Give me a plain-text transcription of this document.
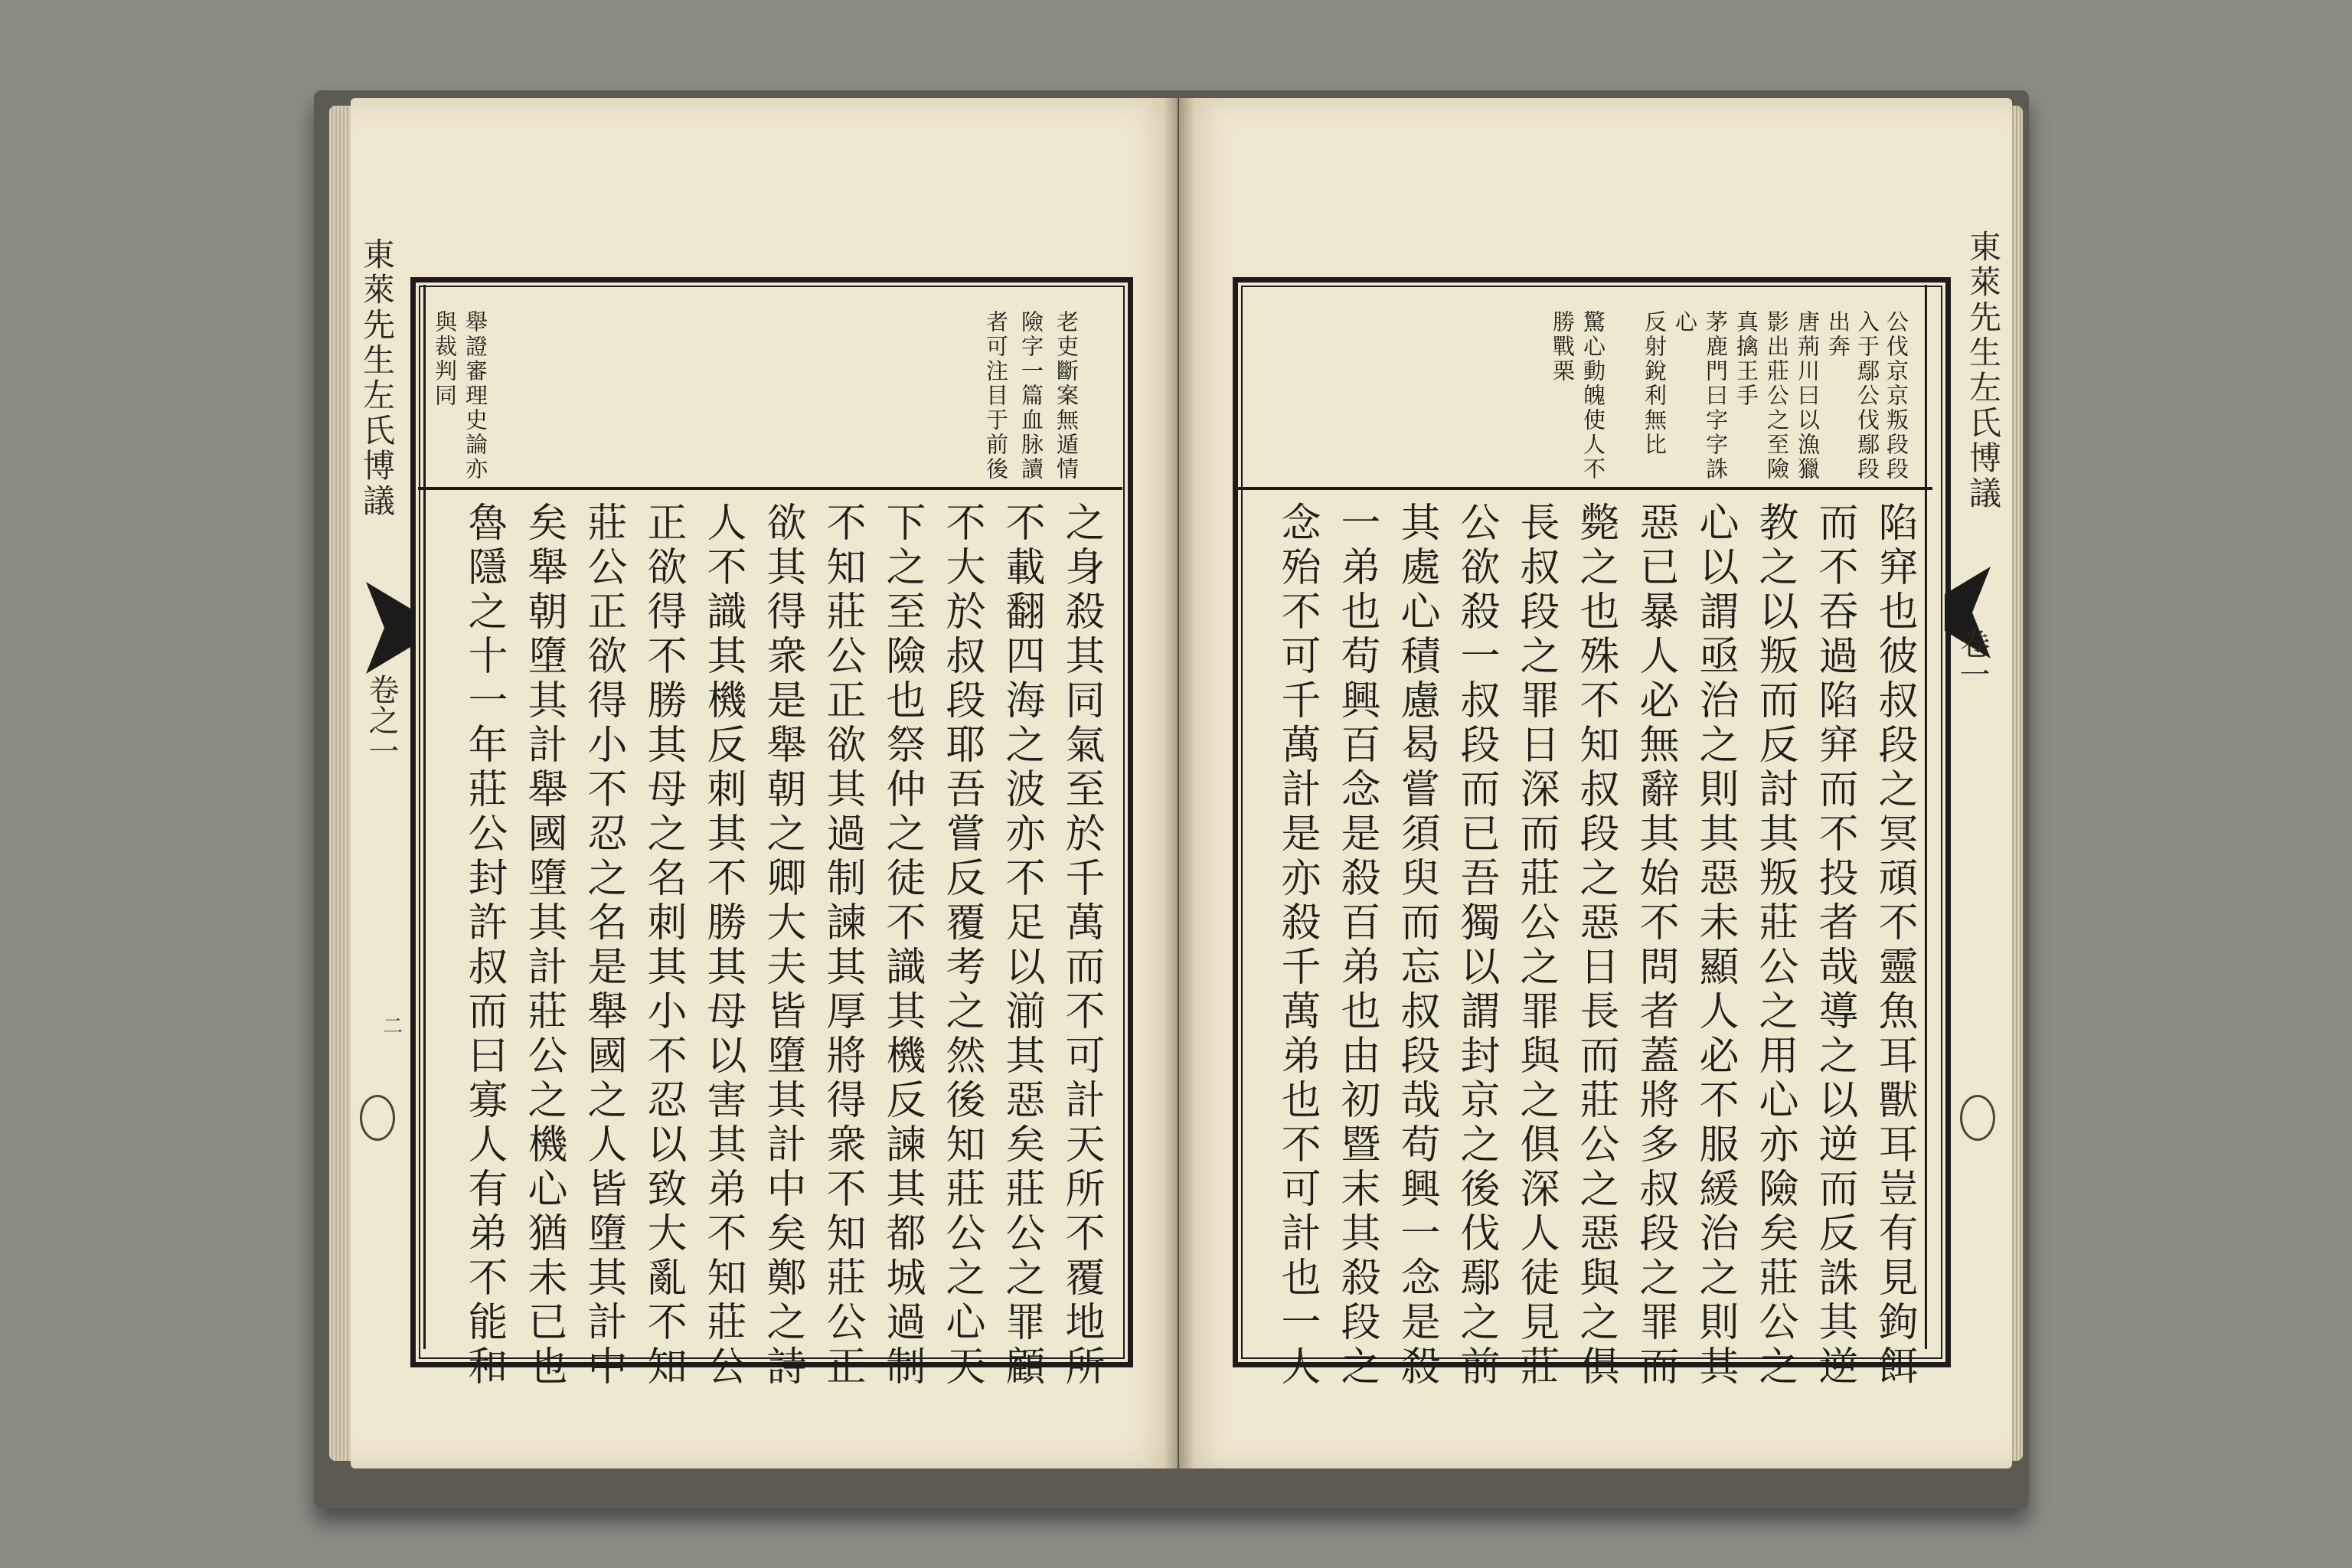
東萊先生左氏博議
卷之一
二
老吏斷案無遁情
險字一篇血脉讀
者可注目于前後
舉證審理史論亦
與裁判同
之身殺其同氣至於千萬而不可計天所不覆地所
不載翻四海之波亦不足以湔其惡矣莊公之罪顧
不大於叔段耶吾嘗反覆考之然後知莊公之心天
下之至險也祭仲之徒不識其機反諫其都城過制
不知莊公正欲其過制諫其厚將得衆不知莊公正
欲其得衆是舉朝之卿大夫皆墮其計中矣鄭之詩
人不識其機反刺其不勝其母以害其弟不知莊公
正欲得不勝其母之名刺其小不忍以致大亂不知
莊公正欲得小不忍之名是舉國之人皆墮其計中
矣舉朝墮其計舉國墮其計莊公之機心猶未已也
魯隱之十一年莊公封許叔而曰寡人有弟不能和
東萊先生左氏博議
卷一
公伐京京叛段段
入于鄢公伐鄢段
出奔
唐荊川曰以漁獵
影出莊公之至險
真擒王手
茅鹿門曰字字誅
心
反射銳利無比
驚心動魄使人不
勝戰栗
陷穽也彼叔段之冥頑不靈魚耳獸耳豈有見鉤餌
而不吞過陷穽而不投者哉導之以逆而反誅其逆
教之以叛而反討其叛莊公之用心亦險矣莊公之
心以謂亟治之則其惡未顯人必不服緩治之則其
惡已暴人必無辭其始不問者蓋將多叔段之罪而
斃之也殊不知叔段之惡日長而莊公之惡與之俱
長叔段之罪日深而莊公之罪與之俱深人徒見莊
公欲殺一叔段而已吾獨以謂封京之後伐鄢之前
其處心積慮曷嘗須臾而忘叔段哉苟興一念是殺
一弟也苟興百念是殺百弟也由初暨末其殺段之
念殆不可千萬計是亦殺千萬弟也不可計也一人
